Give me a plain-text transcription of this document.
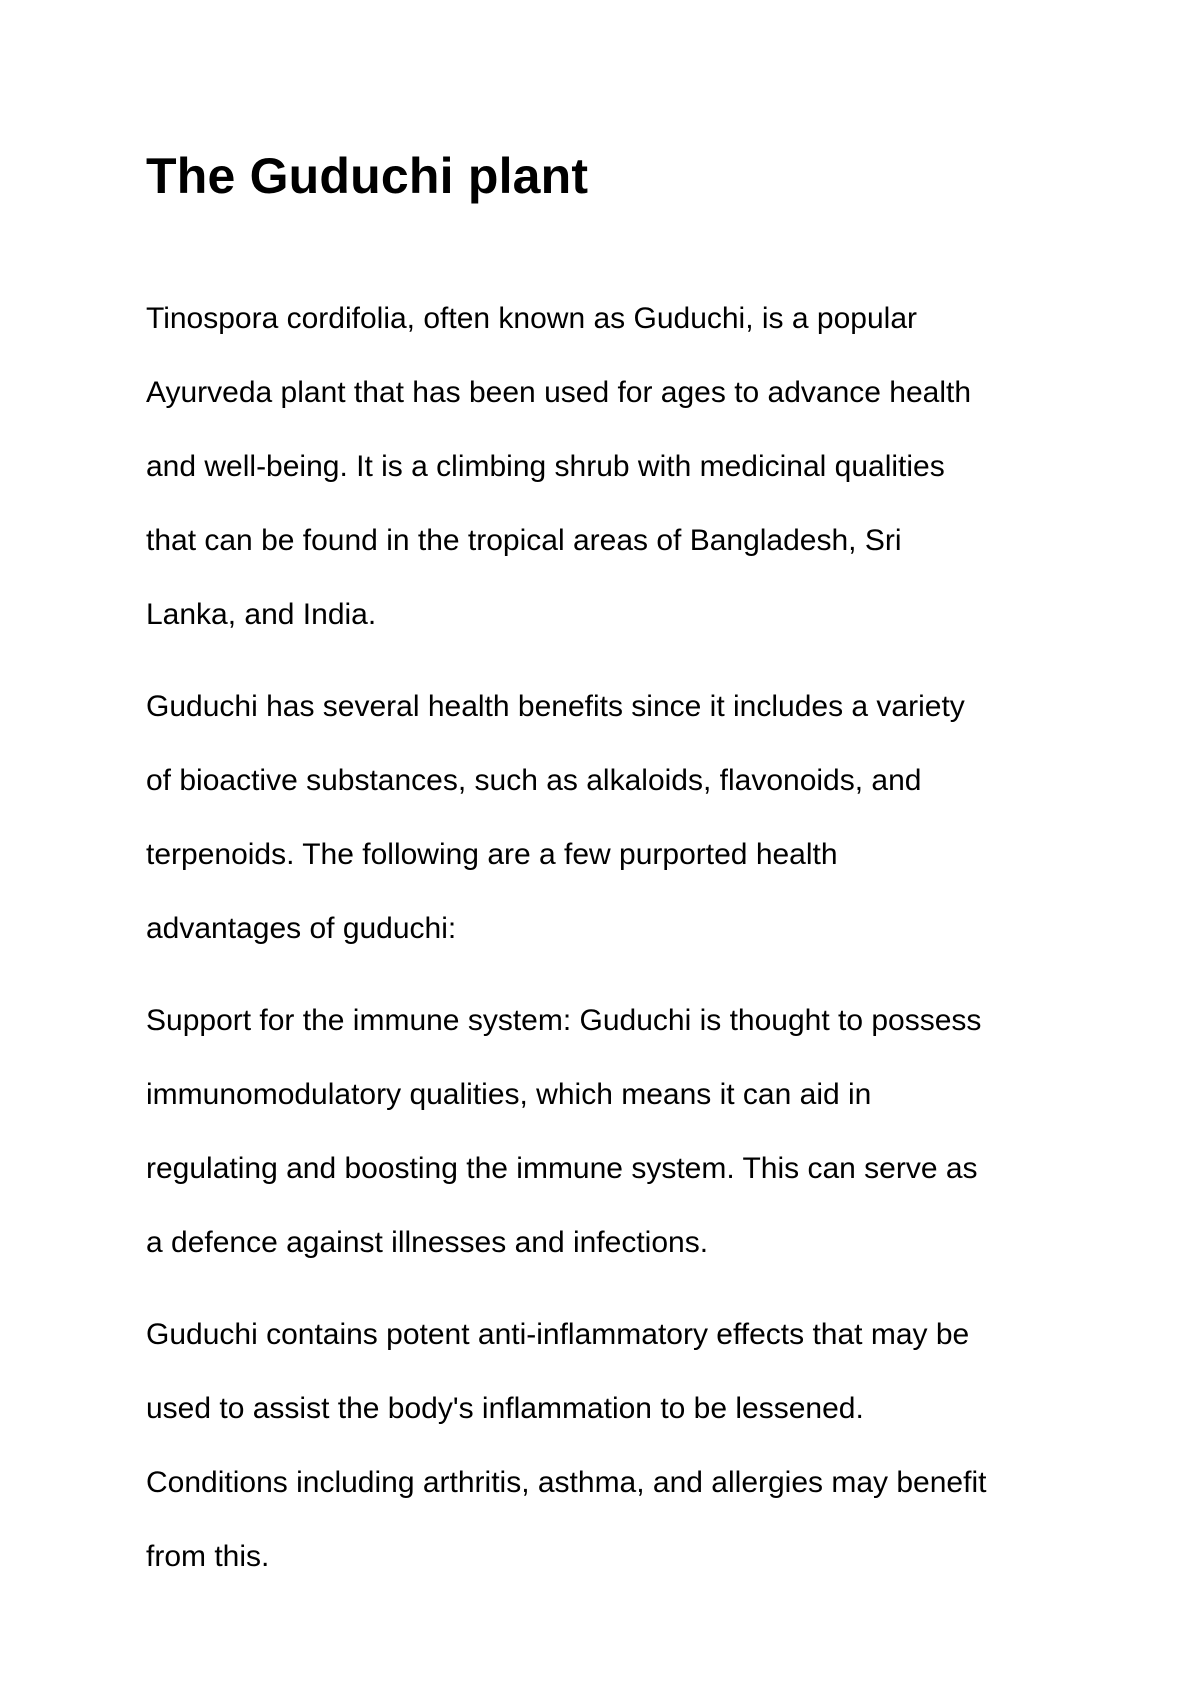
The Guduchi plant

Tinospora cordifolia, often known as Guduchi, is a popular
Ayurveda plant that has been used for ages to advance health
and well-being. It is a climbing shrub with medicinal qualities
that can be found in the tropical areas of Bangladesh, Sri
Lanka, and India.

Guduchi has several health benefits since it includes a variety
of bioactive substances, such as alkaloids, flavonoids, and
terpenoids. The following are a few purported health
advantages of guduchi:

Support for the immune system: Guduchi is thought to possess
immunomodulatory qualities, which means it can aid in
regulating and boosting the immune system. This can serve as
a defence against illnesses and infections.

Guduchi contains potent anti-inflammatory effects that may be
used to assist the body's inflammation to be lessened.
Conditions including arthritis, asthma, and allergies may benefit
from this.
